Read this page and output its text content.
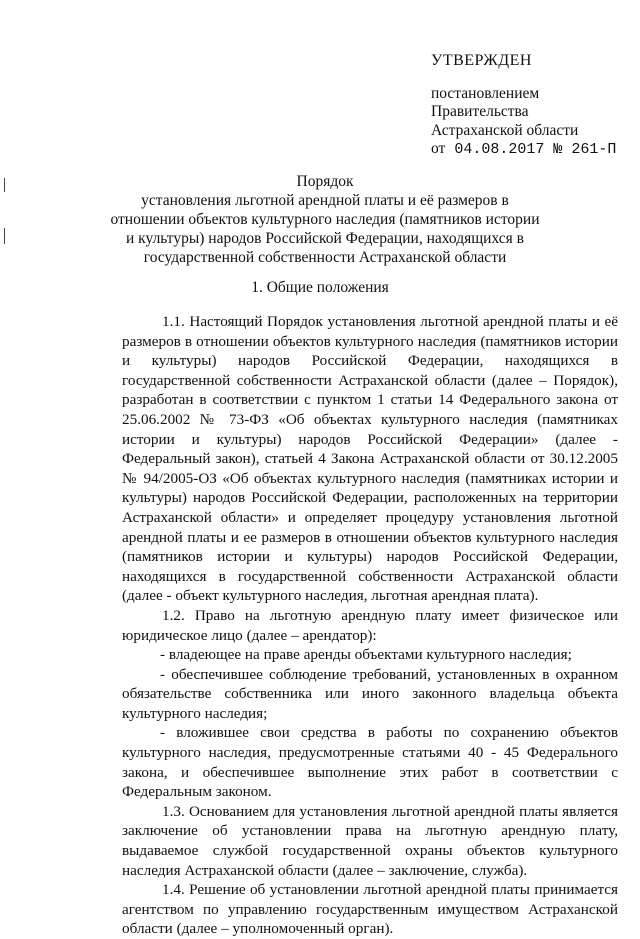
УТВЕРЖДЕН
постановлением
Правительства
Астраханской области
от 04.08.2017 № 261-П
Порядок
установления льготной арендной платы и её размеров в отношении объектов культурного наследия (памятников истории и культуры) народов Российской Федерации, находящихся в государственной собственности Астраханской области
1. Общие положения

1.1. Настоящий Порядок установления льготной арендной платы и её размеров в отношении объектов культурного наследия (памятников истории и культуры) народов Российской Федерации, находящихся в государственной собственности Астраханской области (далее – Порядок), разработан в соответствии с пунктом 1 статьи 14 Федерального закона от 25.06.2002 № 73-ФЗ «Об объектах культурного наследия (памятниках истории и культуры) народов Российской Федерации» (далее - Федеральный закон), статьей 4 Закона Астраханской области от 30.12.2005 № 94/2005-ОЗ «Об объектах культурного наследия (памятниках истории и культуры) народов Российской Федерации, расположенных на территории Астраханской области» и определяет процедуру установления льготной арендной платы и ее размеров в отношении объектов культурного наследия (памятников истории и культуры) народов Российской Федерации, находящихся в государственной собственности Астраханской области (далее - объект культурного наследия, льготная арендная плата).

1.2. Право на льготную арендную плату имеет физическое или юридическое лицо (далее – арендатор):

- владеющее на праве аренды объектами культурного наследия;

- обеспечившее соблюдение требований, установленных в охранном обязательстве собственника или иного законного владельца объекта культурного наследия;

- вложившее свои средства в работы по сохранению объектов культурного наследия, предусмотренные статьями 40 - 45 Федерального закона, и обеспечившее выполнение этих работ в соответствии с Федеральным законом.

1.3. Основанием для установления льготной арендной платы является заключение об установлении права на льготную арендную плату, выдаваемое службой государственной охраны объектов культурного наследия Астраханской области (далее – заключение, служба).

1.4. Решение об установлении льготной арендной платы принимается агентством по управлению государственным имуществом Астраханской области (далее – уполномоченный орган).
